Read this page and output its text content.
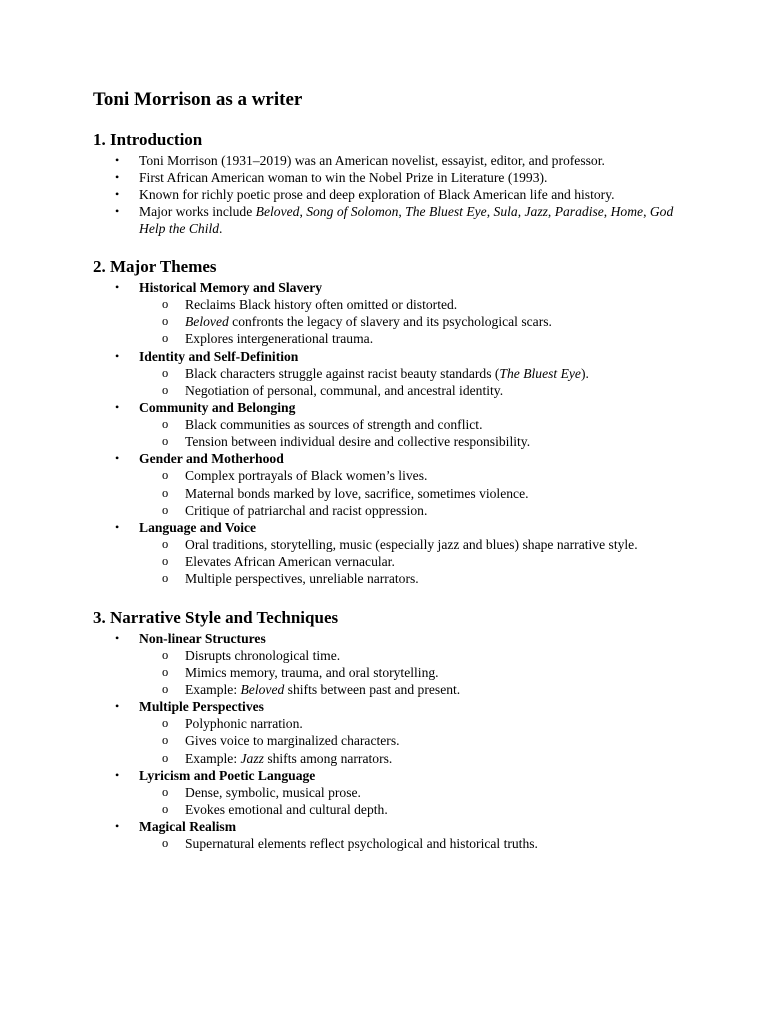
Toni Morrison as a writer
1. Introduction
• Toni Morrison (1931–2019) was an American novelist, essayist, editor, and professor.
• First African American woman to win the Nobel Prize in Literature (1993).
• Known for richly poetic prose and deep exploration of Black American life and history.
• Major works include Beloved, Song of Solomon, The Bluest Eye, Sula, Jazz, Paradise, Home, God Help the Child.
2. Major Themes
• Historical Memory and Slavery
o Reclaims Black history often omitted or distorted.
o Beloved confronts the legacy of slavery and its psychological scars.
o Explores intergenerational trauma.
• Identity and Self-Definition
o Black characters struggle against racist beauty standards (The Bluest Eye).
o Negotiation of personal, communal, and ancestral identity.
• Community and Belonging
o Black communities as sources of strength and conflict.
o Tension between individual desire and collective responsibility.
• Gender and Motherhood
o Complex portrayals of Black women’s lives.
o Maternal bonds marked by love, sacrifice, sometimes violence.
o Critique of patriarchal and racist oppression.
• Language and Voice
o Oral traditions, storytelling, music (especially jazz and blues) shape narrative style.
o Elevates African American vernacular.
o Multiple perspectives, unreliable narrators.
3. Narrative Style and Techniques
• Non-linear Structures
o Disrupts chronological time.
o Mimics memory, trauma, and oral storytelling.
o Example: Beloved shifts between past and present.
• Multiple Perspectives
o Polyphonic narration.
o Gives voice to marginalized characters.
o Example: Jazz shifts among narrators.
• Lyricism and Poetic Language
o Dense, symbolic, musical prose.
o Evokes emotional and cultural depth.
• Magical Realism
o Supernatural elements reflect psychological and historical truths.
